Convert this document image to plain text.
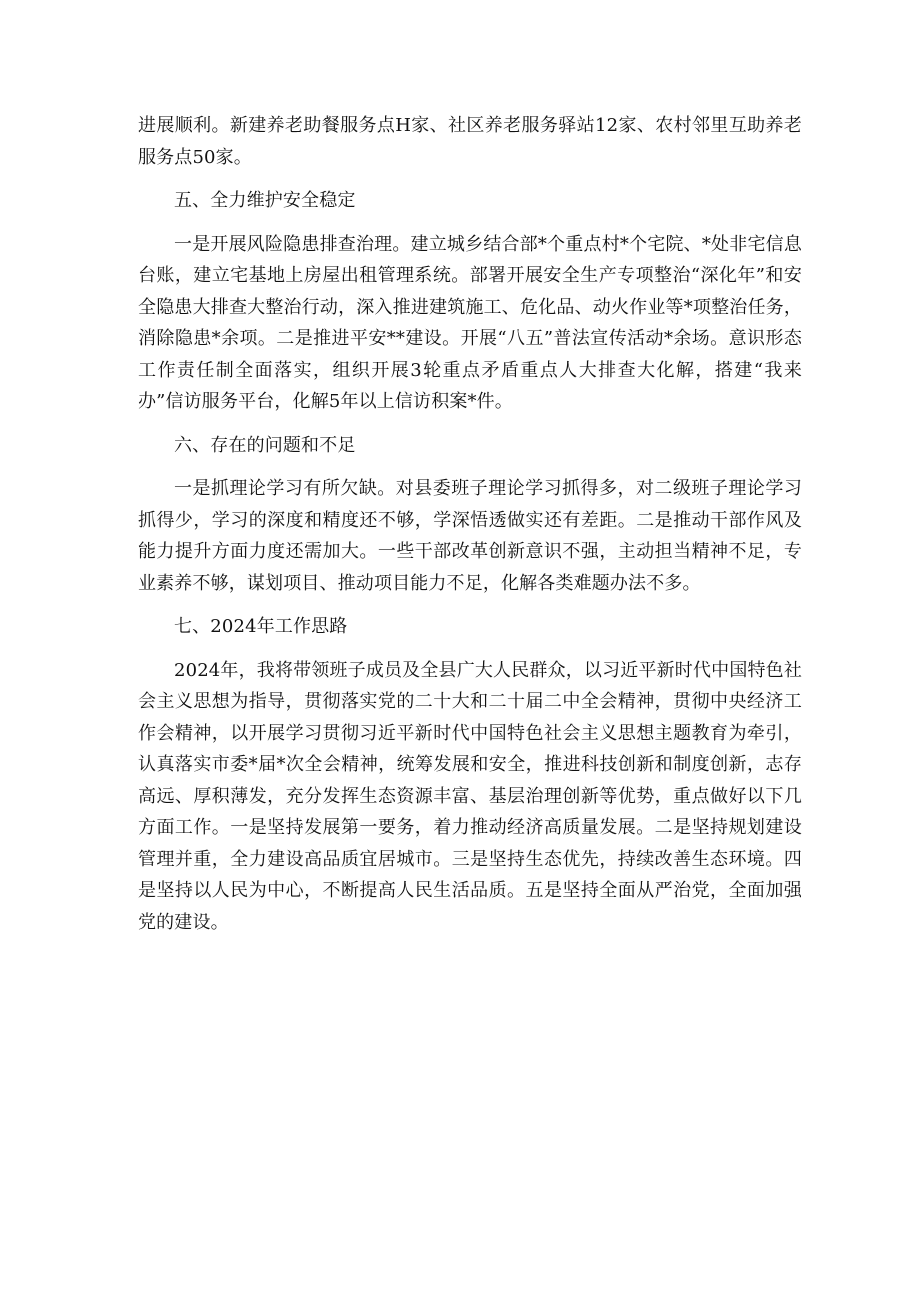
进展顺利。新建养老助餐服务点H家、社区养老服务驿站12家、农村邻里互助养老服务点50家。

五、全力维护安全稳定

一是开展风险隐患排查治理。建立城乡结合部*个重点村*个宅院、*处非宅信息台账，建立宅基地上房屋出租管理系统。部署开展安全生产专项整治“深化年”和安全隐患大排查大整治行动，深入推进建筑施工、危化品、动火作业等*项整治任务，消除隐患*余项。二是推进平安**建设。开展“八五”普法宣传活动*余场。意识形态工作责任制全面落实，组织开展3轮重点矛盾重点人大排查大化解，搭建“我来办”信访服务平台，化解5年以上信访积案*件。

六、存在的问题和不足

一是抓理论学习有所欠缺。对县委班子理论学习抓得多，对二级班子理论学习抓得少，学习的深度和精度还不够，学深悟透做实还有差距。二是推动干部作风及能力提升方面力度还需加大。一些干部改革创新意识不强，主动担当精神不足，专业素养不够，谋划项目、推动项目能力不足，化解各类难题办法不多。

七、2024年工作思路

2024年，我将带领班子成员及全县广大人民群众，以习近平新时代中国特色社会主义思想为指导，贯彻落实党的二十大和二十届二中全会精神，贯彻中央经济工作会精神，以开展学习贯彻习近平新时代中国特色社会主义思想主题教育为牵引，认真落实市委*届*次全会精神，统筹发展和安全，推进科技创新和制度创新，志存高远、厚积薄发，充分发挥生态资源丰富、基层治理创新等优势，重点做好以下几方面工作。一是坚持发展第一要务，着力推动经济高质量发展。二是坚持规划建设管理并重，全力建设高品质宜居城市。三是坚持生态优先，持续改善生态环境。四是坚持以人民为中心，不断提高人民生活品质。五是坚持全面从严治党，全面加强党的建设。
